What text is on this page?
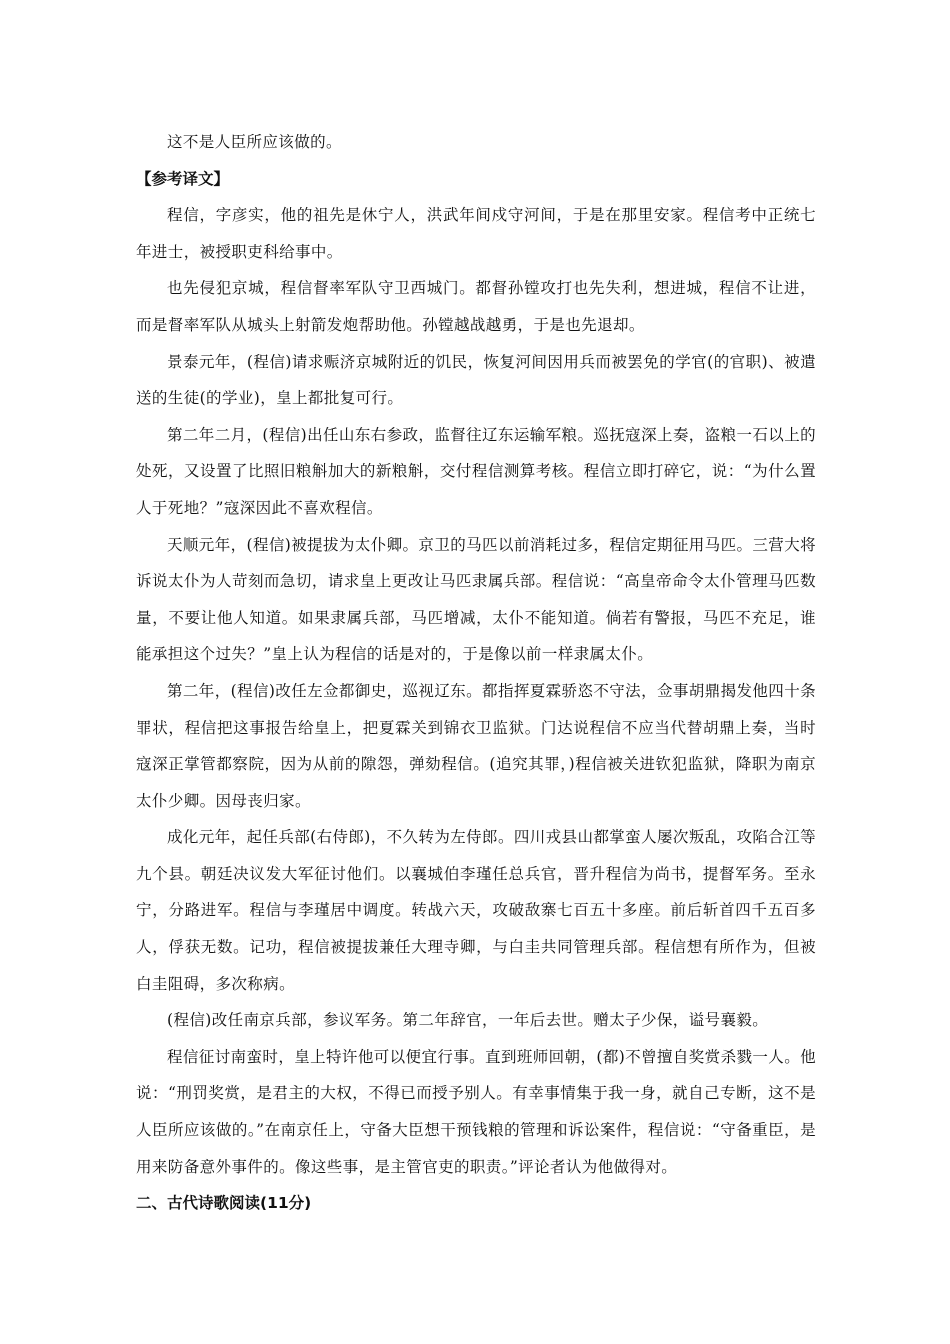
这不是人臣所应该做的。

【参考译文】

程信，字彦实，他的祖先是休宁人，洪武年间戍守河间，于是在那里安家。程信考中正统七年进士，被授职吏科给事中。

也先侵犯京城，程信督率军队守卫西城门。都督孙镗攻打也先失利，想进城，程信不让进，而是督率军队从城头上射箭发炮帮助他。孙镗越战越勇，于是也先退却。

景泰元年，(程信)请求赈济京城附近的饥民，恢复河间因用兵而被罢免的学官(的官职)、被遣送的生徒(的学业)，皇上都批复可行。

第二年二月，(程信)出任山东右参政，监督往辽东运输军粮。巡抚寇深上奏，盗粮一石以上的处死，又设置了比照旧粮斛加大的新粮斛，交付程信测算考核。程信立即打碎它，说：“为什么置人于死地？”寇深因此不喜欢程信。

天顺元年，(程信)被提拔为太仆卿。京卫的马匹以前消耗过多，程信定期征用马匹。三营大将诉说太仆为人苛刻而急切，请求皇上更改让马匹隶属兵部。程信说：“高皇帝命令太仆管理马匹数量，不要让他人知道。如果隶属兵部，马匹增减，太仆不能知道。倘若有警报，马匹不充足，谁能承担这个过失？”皇上认为程信的话是对的，于是像以前一样隶属太仆。

第二年，(程信)改任左佥都御史，巡视辽东。都指挥夏霖骄恣不守法，佥事胡鼎揭发他四十条罪状，程信把这事报告给皇上，把夏霖关到锦衣卫监狱。门达说程信不应当代替胡鼎上奏，当时寇深正掌管都察院，因为从前的隙怨，弹劾程信。(追究其罪，)程信被关进钦犯监狱，降职为南京太仆少卿。因母丧归家。

成化元年，起任兵部(右侍郎)，不久转为左侍郎。四川戎县山都掌蛮人屡次叛乱，攻陷合江等九个县。朝廷决议发大军征讨他们。以襄城伯李瑾任总兵官，晋升程信为尚书，提督军务。至永宁，分路进军。程信与李瑾居中调度。转战六天，攻破敌寨七百五十多座。前后斩首四千五百多人，俘获无数。记功，程信被提拔兼任大理寺卿，与白圭共同管理兵部。程信想有所作为，但被白圭阻碍，多次称病。

(程信)改任南京兵部，参议军务。第二年辞官，一年后去世。赠太子少保，谥号襄毅。

程信征讨南蛮时，皇上特许他可以便宜行事。直到班师回朝，(都)不曾擅自奖赏杀戮一人。他说：“刑罚奖赏，是君主的大权，不得已而授予别人。有幸事情集于我一身，就自己专断，这不是人臣所应该做的。”在南京任上，守备大臣想干预钱粮的管理和诉讼案件，程信说：“守备重臣，是用来防备意外事件的。像这些事，是主管官吏的职责。”评论者认为他做得对。

二、古代诗歌阅读(11分)
